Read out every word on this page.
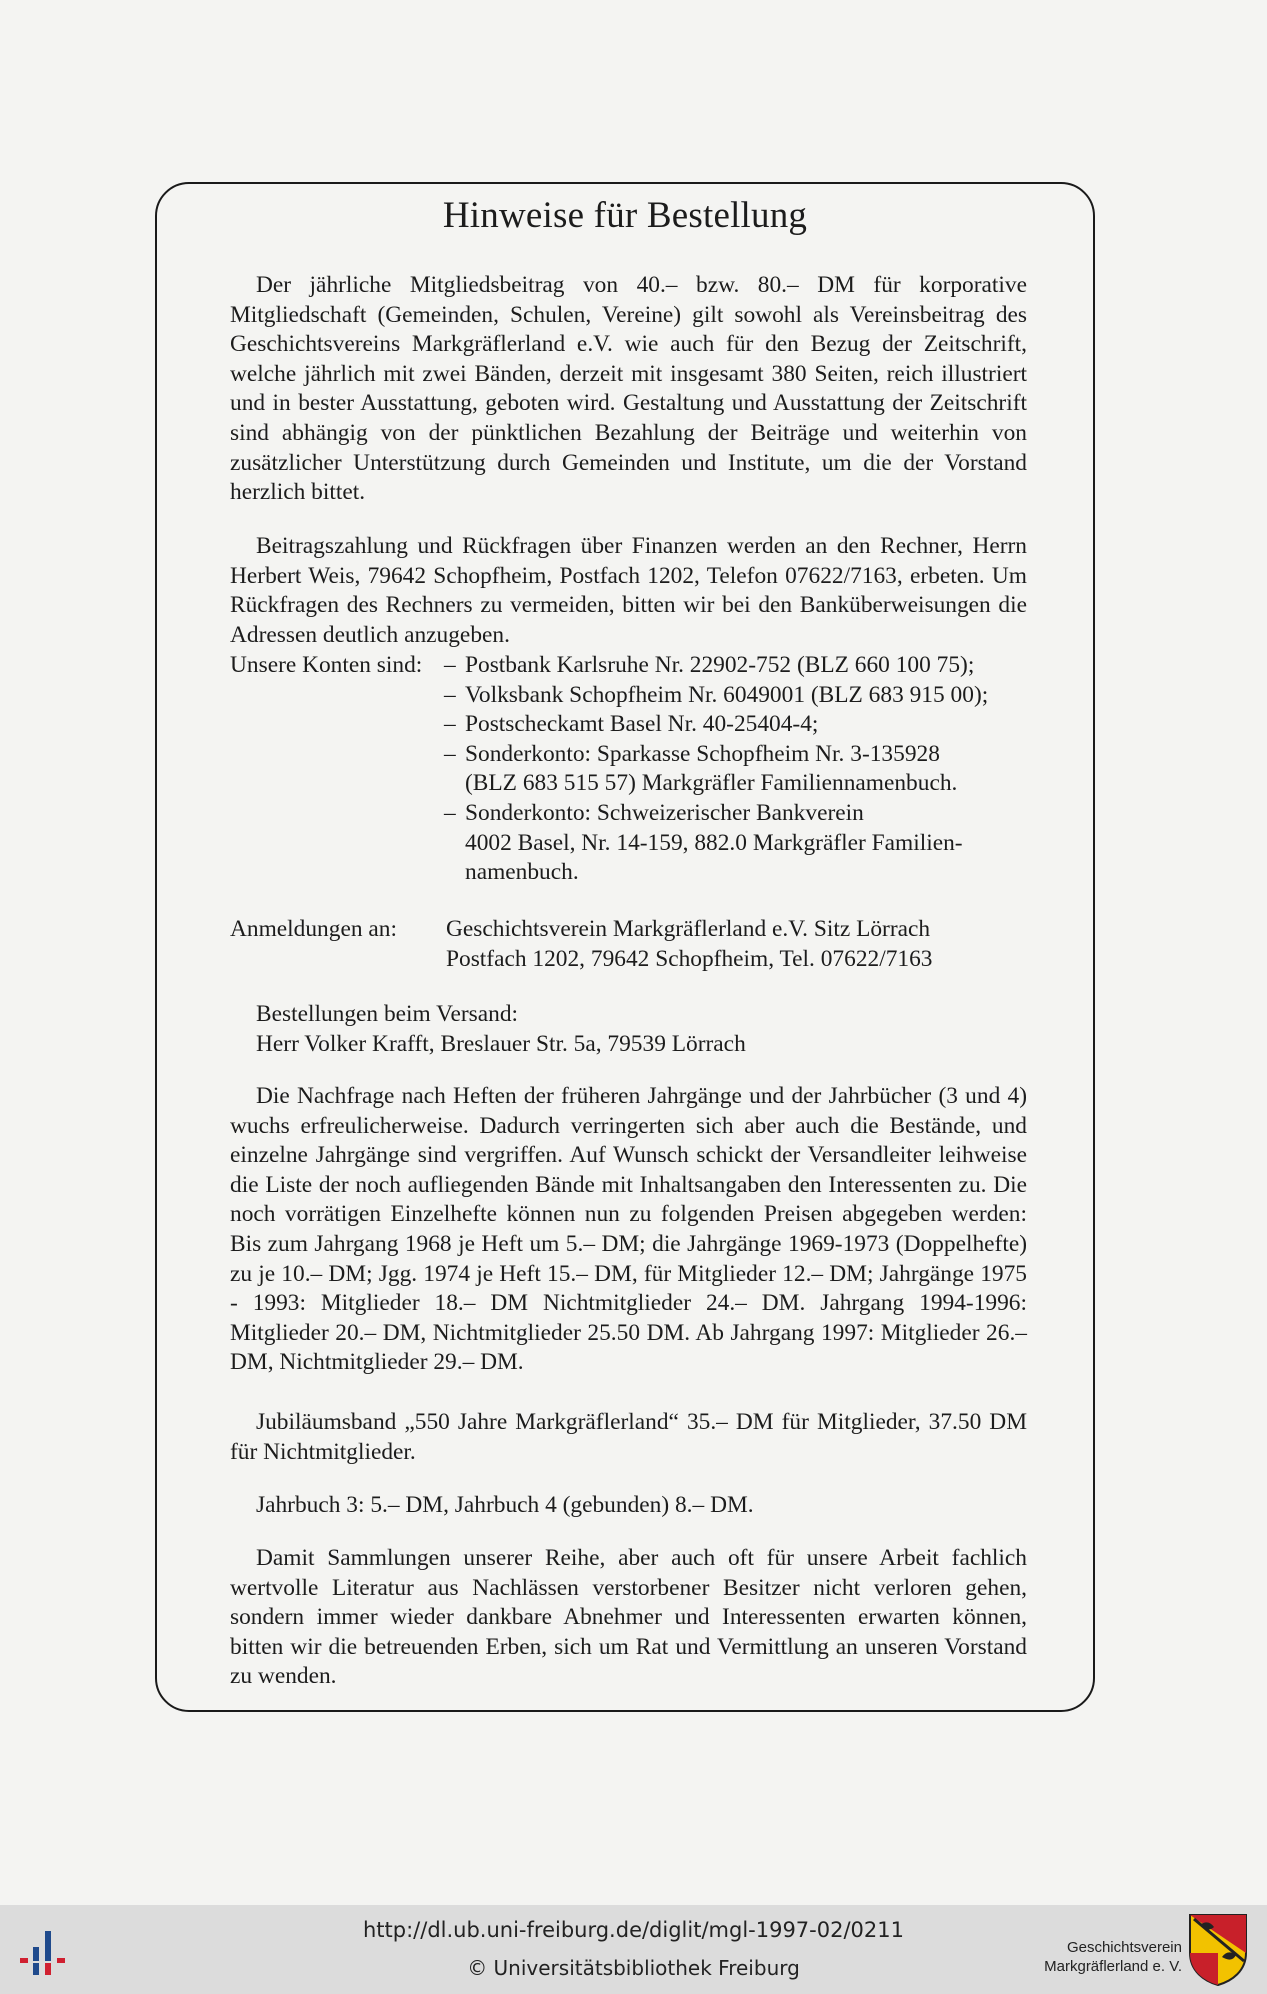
Hinweise für Bestellung
Der jährliche Mitgliedsbeitrag von 40.– bzw. 80.– DM für korporative Mitgliedschaft (Gemeinden, Schulen, Vereine) gilt sowohl als Vereinsbeitrag des Geschichtsvereins Markgräflerland e.V. wie auch für den Bezug der Zeitschrift, welche jährlich mit zwei Bänden, derzeit mit insgesamt 380 Seiten, reich illustriert und in bester Ausstattung, geboten wird. Gestaltung und Ausstattung der Zeitschrift sind abhängig von der pünktlichen Bezahlung der Beiträge und weiterhin von zusätzlicher Unterstützung durch Gemeinden und Institute, um die der Vorstand herzlich bittet.
Beitragszahlung und Rückfragen über Finanzen werden an den Rechner, Herrn Herbert Weis, 79642 Schopfheim, Postfach 1202, Telefon 07622/7163, erbeten. Um Rückfragen des Rechners zu vermeiden, bitten wir bei den Banküberweisungen die Adressen deutlich anzugeben.
Unsere Konten sind: – Postbank Karlsruhe Nr. 22902-752 (BLZ 660 100 75);
– Volksbank Schopfheim Nr. 6049001 (BLZ 683 915 00);
– Postscheckamt Basel Nr. 40-25404-4;
– Sonderkonto: Sparkasse Schopfheim Nr. 3-135928
(BLZ 683 515 57) Markgräfler Familiennamenbuch.
– Sonderkonto: Schweizerischer Bankverein
4002 Basel, Nr. 14-159, 882.0 Markgräfler Familien-
namenbuch.
Anmeldungen an: Geschichtsverein Markgräflerland e.V. Sitz Lörrach
Postfach 1202, 79642 Schopfheim, Tel. 07622/7163
Bestellungen beim Versand:
Herr Volker Krafft, Breslauer Str. 5a, 79539 Lörrach
Die Nachfrage nach Heften der früheren Jahrgänge und der Jahrbücher (3 und 4) wuchs erfreulicherweise. Dadurch verringerten sich aber auch die Bestände, und einzelne Jahrgänge sind vergriffen. Auf Wunsch schickt der Versandleiter leihweise die Liste der noch aufliegenden Bände mit Inhaltsangaben den Interessenten zu. Die noch vorrätigen Einzelhefte können nun zu folgenden Preisen abgegeben werden: Bis zum Jahrgang 1968 je Heft um 5.– DM; die Jahrgänge 1969-1973 (Doppelhefte) zu je 10.– DM; Jgg. 1974 je Heft 15.– DM, für Mitglieder 12.– DM; Jahrgänge 1975 - 1993: Mitglieder 18.– DM Nichtmitglieder 24.– DM. Jahrgang 1994-1996: Mitglieder 20.– DM, Nichtmitglieder 25.50 DM. Ab Jahrgang 1997: Mitglieder 26.– DM, Nichtmitglieder 29.– DM.
Jubiläumsband „550 Jahre Markgräflerland“ 35.– DM für Mitglieder, 37.50 DM für Nichtmitglieder.
Jahrbuch 3: 5.– DM, Jahrbuch 4 (gebunden) 8.– DM.
Damit Sammlungen unserer Reihe, aber auch oft für unsere Arbeit fachlich wertvolle Literatur aus Nachlässen verstorbener Besitzer nicht verloren gehen, sondern immer wieder dankbare Abnehmer und Interessenten erwarten können, bitten wir die betreuenden Erben, sich um Rat und Vermittlung an unseren Vorstand zu wenden.
http://dl.ub.uni-freiburg.de/diglit/mgl-1997-02/0211
© Universitätsbibliothek Freiburg
Geschichtsverein
Markgräflerland e. V.
